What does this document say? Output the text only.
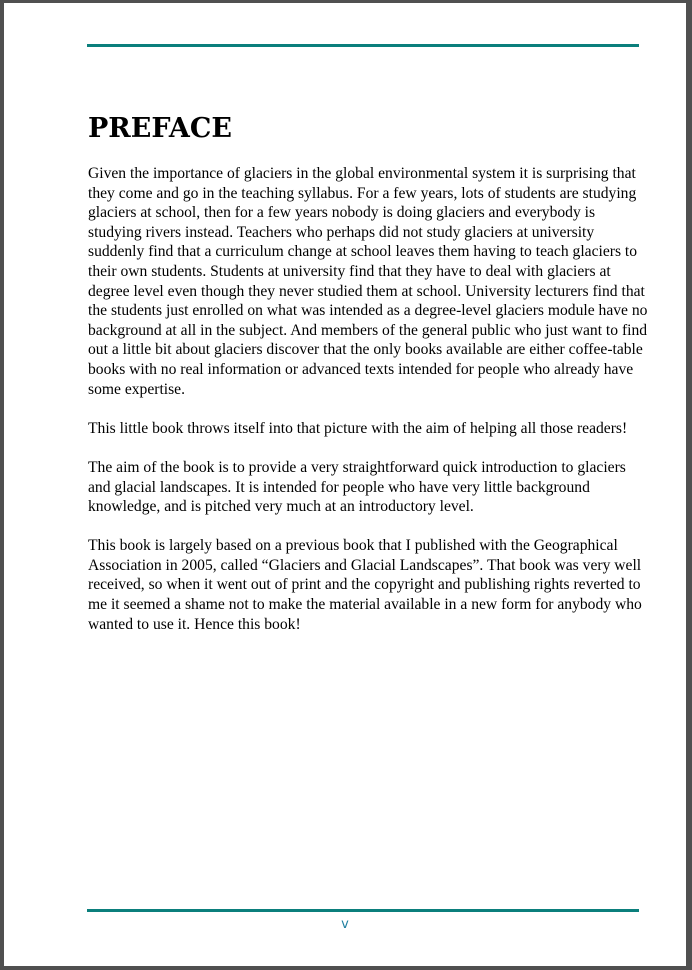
PREFACE

Given the importance of glaciers in the global environmental system it is surprising that they come and go in the teaching syllabus. For a few years, lots of students are studying glaciers at school, then for a few years nobody is doing glaciers and everybody is studying rivers instead. Teachers who perhaps did not study glaciers at university suddenly find that a curriculum change at school leaves them having to teach glaciers to their own students. Students at university find that they have to deal with glaciers at degree level even though they never studied them at school. University lecturers find that the students just enrolled on what was intended as a degree-level glaciers module have no background at all in the subject. And members of the general public who just want to find out a little bit about glaciers discover that the only books available are either coffee-table books with no real information or advanced texts intended for people who already have some expertise.

This little book throws itself into that picture with the aim of helping all those readers!

The aim of the book is to provide a very straightforward quick introduction to glaciers and glacial landscapes. It is intended for people who have very little background knowledge, and is pitched very much at an introductory level.

This book is largely based on a previous book that I published with the Geographical Association in 2005, called “Glaciers and Glacial Landscapes”. That book was very well received, so when it went out of print and the copyright and publishing rights reverted to me it seemed a shame not to make the material available in a new form for anybody who wanted to use it. Hence this book!

v
